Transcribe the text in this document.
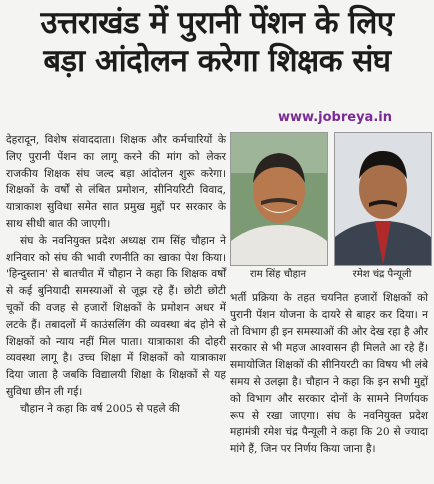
उत्तराखंड में पुरानी पेंशन के लिए
बड़ा आंदोलन करेगा शिक्षक संघ
www.jobreya.in

देहरादून, विशेष संवाददाता। शिक्षक और कर्मचारियों के लिए पुरानी पेंशन का लागू करने की मांग को लेकर राजकीय शिक्षक संघ जल्द बड़ा आंदोलन शुरू करेगा। शिक्षकों के वर्षों से लंबित प्रमोशन, सीनियरिटी विवाद, यात्राकाश सुविधा समेत सात प्रमुख मुद्दों पर सरकार के साथ सीधी बात की जाएगी।

संघ के नवनियुक्त प्रदेश अध्यक्ष राम सिंह चौहान ने शनिवार को संघ की भावी रणनीति का खाका पेश किया। 'हिन्दुस्तान' से बातचीत में चौहान ने कहा कि शिक्षक वर्षों से कई बुनियादी समस्याओं से जूझ रहे हैं। छोटी छोटी चूकों की वजह से हजारों शिक्षकों के प्रमोशन अधर में लटके हैं। तबादलों में काउंसलिंग की व्यवस्था बंद होने से शिक्षकों को न्याय नहीं मिल पाता। यात्राकाश की दोहरी व्यवस्था लागू है। उच्च शिक्षा में शिक्षकों को यात्राकाश दिया जाता है जबकि विद्यालयी शिक्षा के शिक्षकों से यह सुविधा छीन ली गई।

चौहान ने कहा कि वर्ष 2005 से पहले की

राम सिंह चौहान	रमेश चंद्र पैन्यूली

भर्ती प्रक्रिया के तहत चयनित हजारों शिक्षकों को पुरानी पेंशन योजना के दायरे से बाहर कर दिया। न तो विभाग ही इन समस्याओं की ओर देख रहा है और सरकार से भी महज आश्वासन ही मिलते आ रहे हैं। समायोजित शिक्षकों की सीनियरटी का विषय भी लंबे समय से उलझा है। चौहान ने कहा कि इन सभी मुद्दों को विभाग और सरकार दोनों के सामने निर्णायक रूप से रखा जाएगा। संघ के नवनियुक्त प्रदेश महामंत्री रमेश चंद्र पैन्यूली ने कहा कि 20 से ज्यादा मांगे हैं, जिन पर निर्णय किया जाना है।
